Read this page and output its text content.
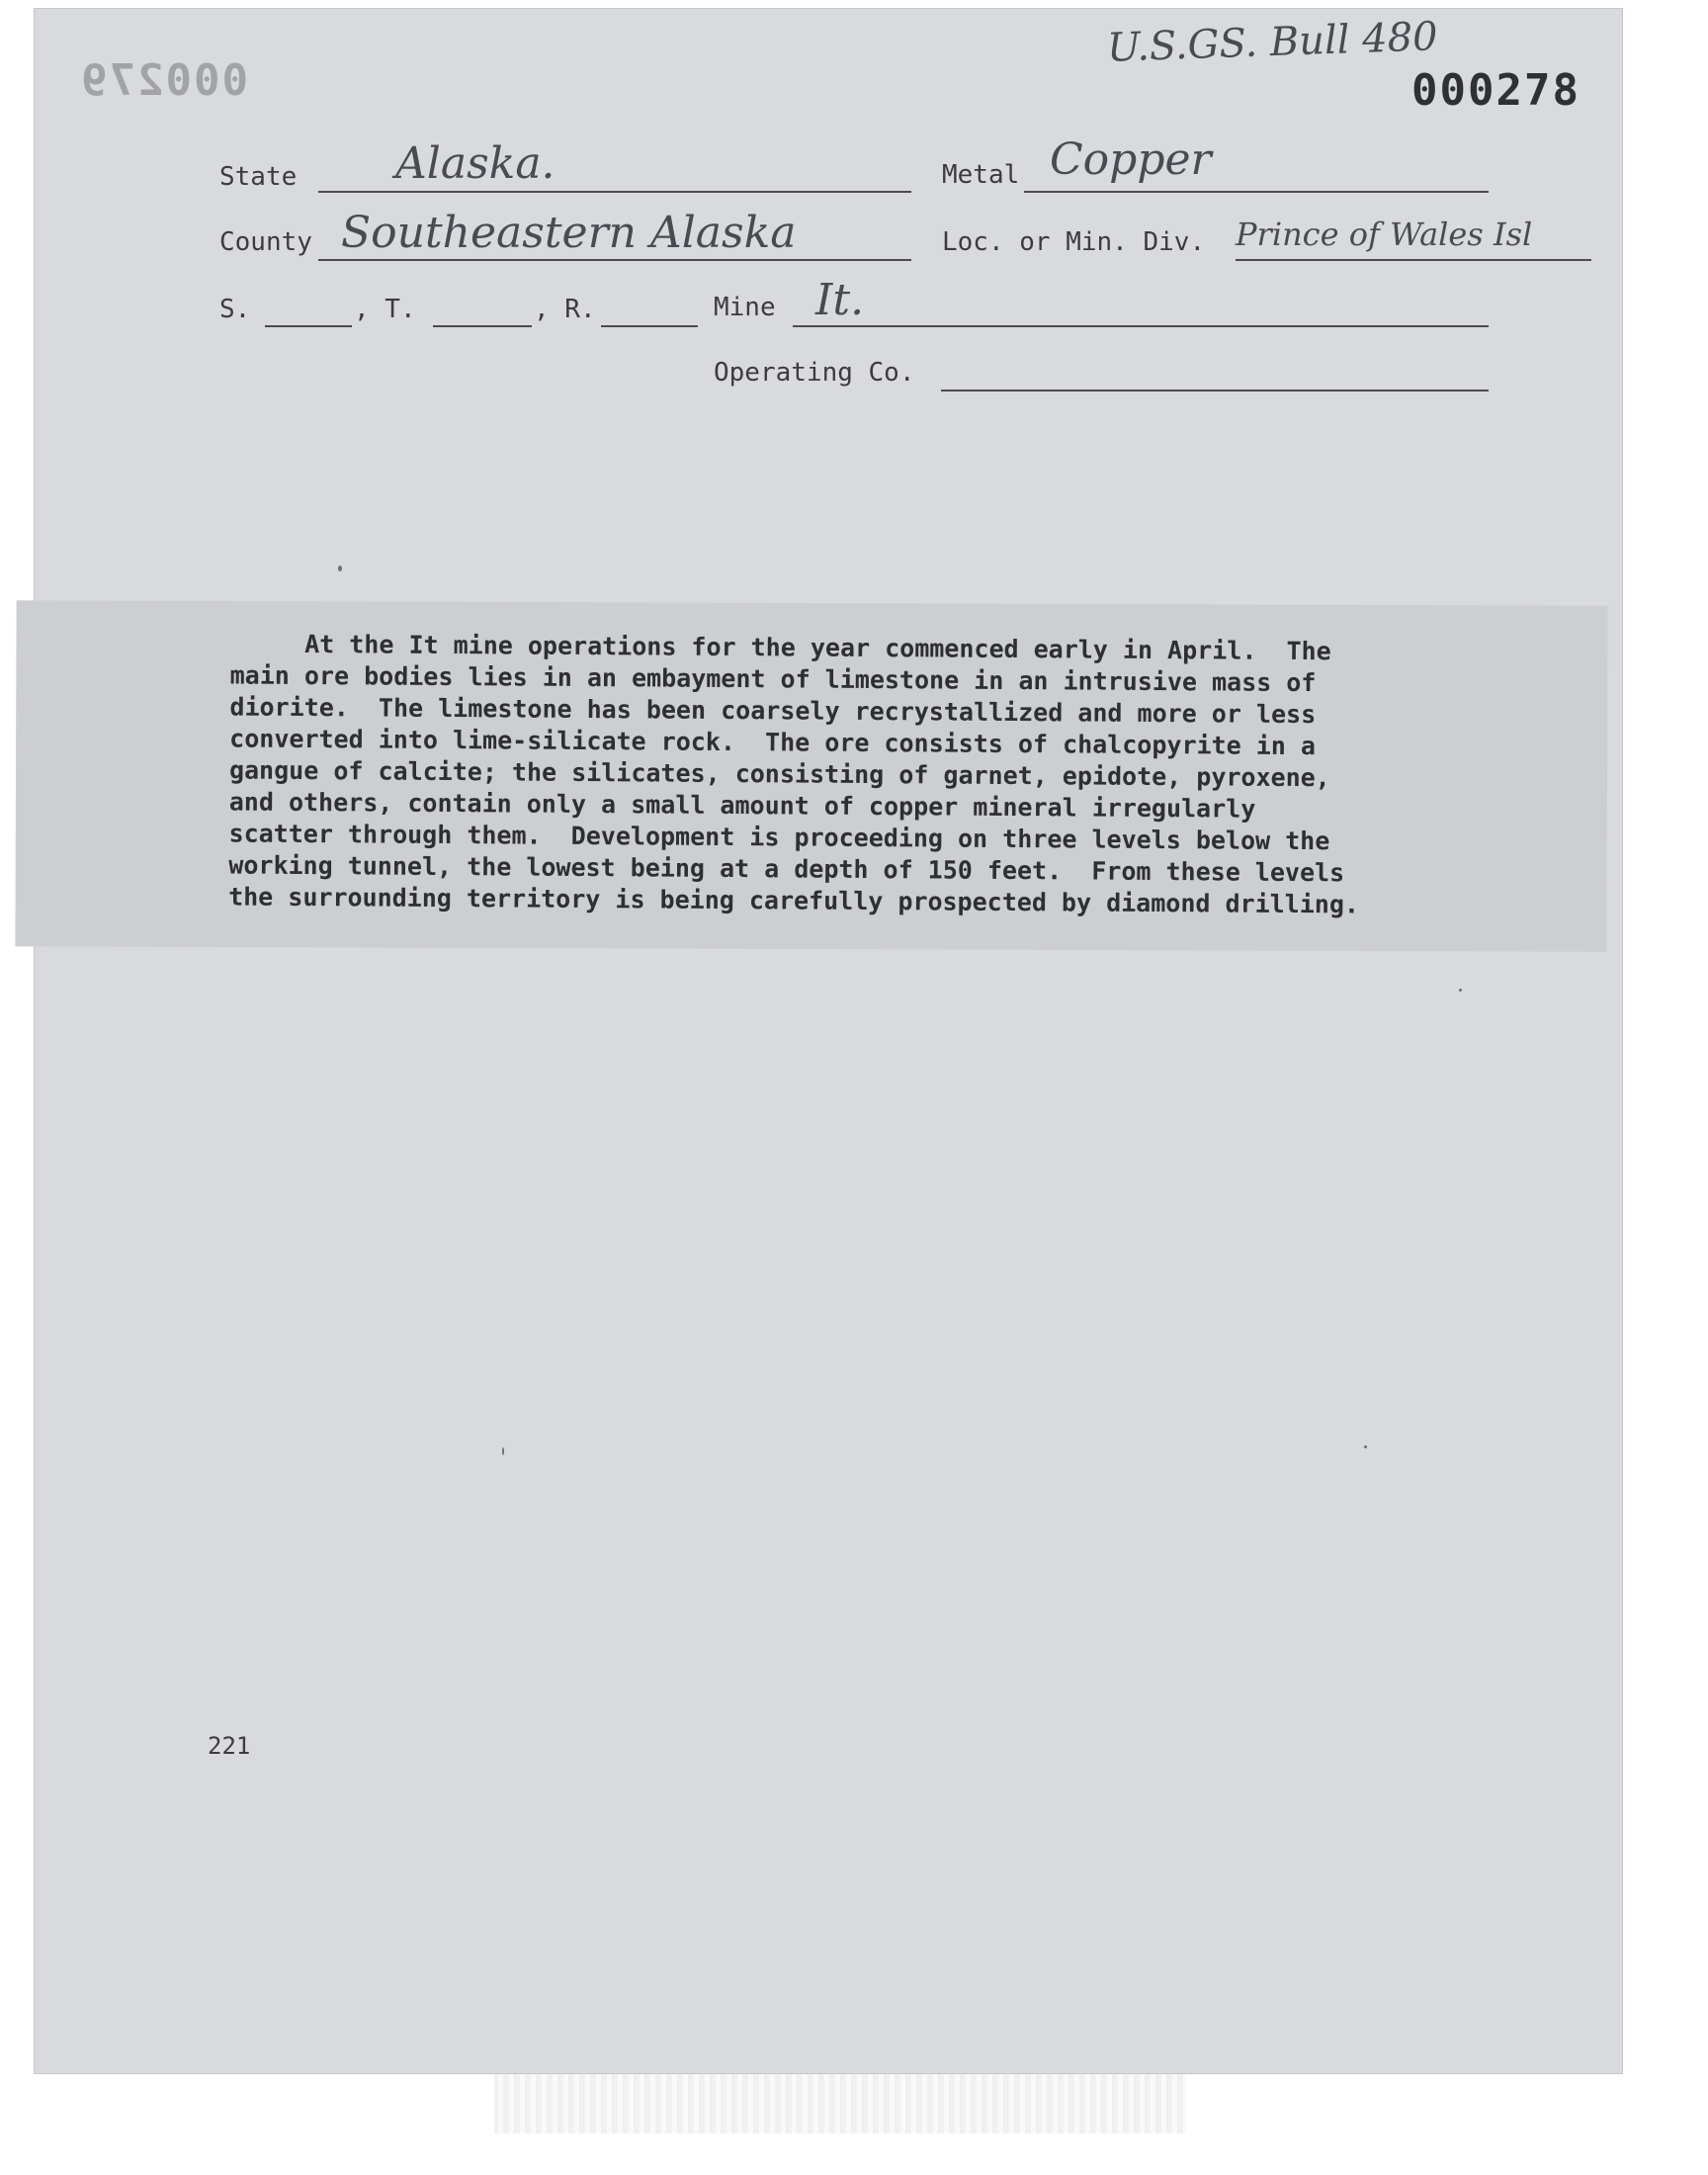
U.S.GS. Bull 480
000278
000279
State Alaska.	Metal Copper
County Southeastern Alaska	Loc. or Min. Div. Prince of Wales Isl
S.	, T.	, R.	Mine It.
Operating Co.

At the It mine operations for the year commenced early in April.  The

main ore bodies lies in an embayment of limestone in an intrusive mass of

diorite.  The limestone has been coarsely recrystallized and more or less

converted into lime-silicate rock.  The ore consists of chalcopyrite in a

gangue of calcite; the silicates, consisting of garnet, epidote, pyroxene,

and others, contain only a small amount of copper mineral irregularly

scatter through them.  Development is proceeding on three levels below the

working tunnel, the lowest being at a depth of 150 feet.  From these levels

the surrounding territory is being carefully prospected by diamond drilling.

221
